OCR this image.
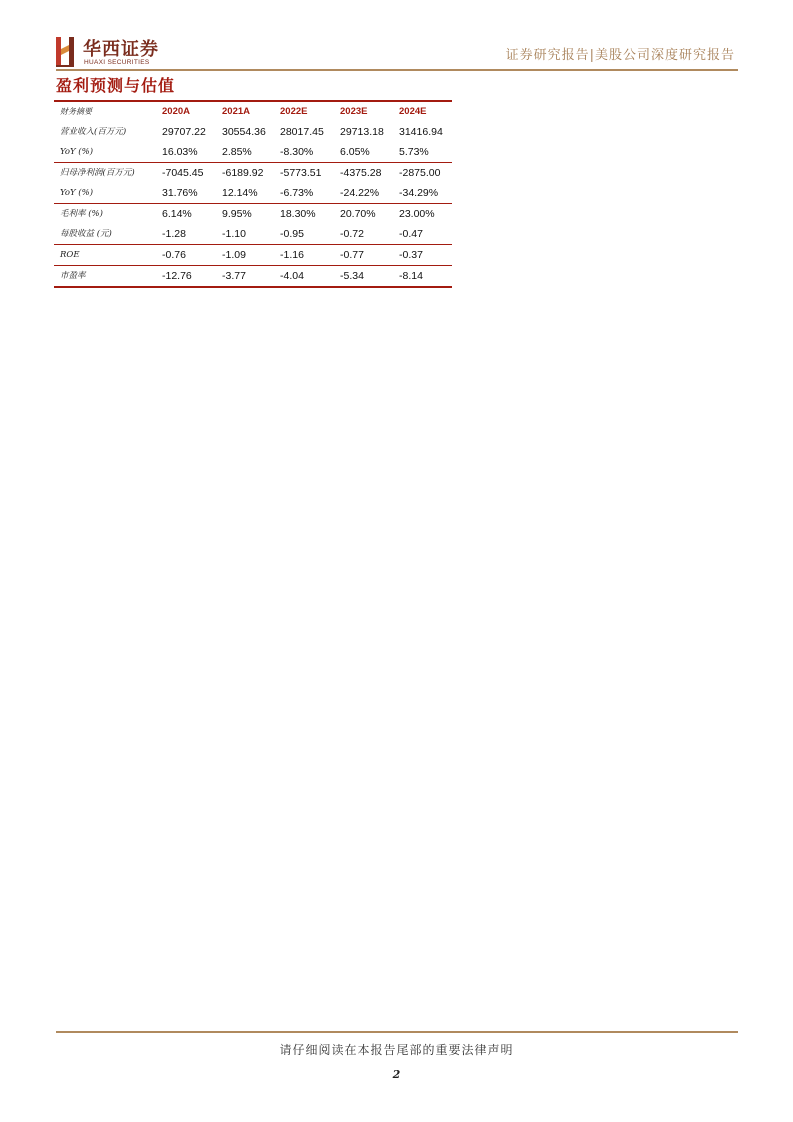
华西证券
HUAXI SECURITIES	证券研究报告|美股公司深度研究报告
盈利预测与估值
财务摘要	2020A	2021A	2022E	2023E	2024E
营业收入(百万元)	29707.22 30554.36 28017.45 29713.18 31416.94
YoY (%)	16.03% 2.85%	-8.30%	6.05%	5.73%
归母净利润(百万元)	-7045.45 -6189.92 -5773.51 -4375.28 -2875.00
YoY (%)	31.76% 12.14% -6.73%	-24.22% -34.29%
毛利率 (%)	6.14%	9.95%	18.30% 20.70% 23.00%
每股收益 (元)	-1.28	-1.10	-0.95	-0.72	-0.47
ROE	-0.76	-1.09	-1.16	-0.77	-0.37
市盈率	-12.76	-3.77	-4.04	-5.34	-8.14
请仔细阅读在本报告尾部的重要法律声明
2
